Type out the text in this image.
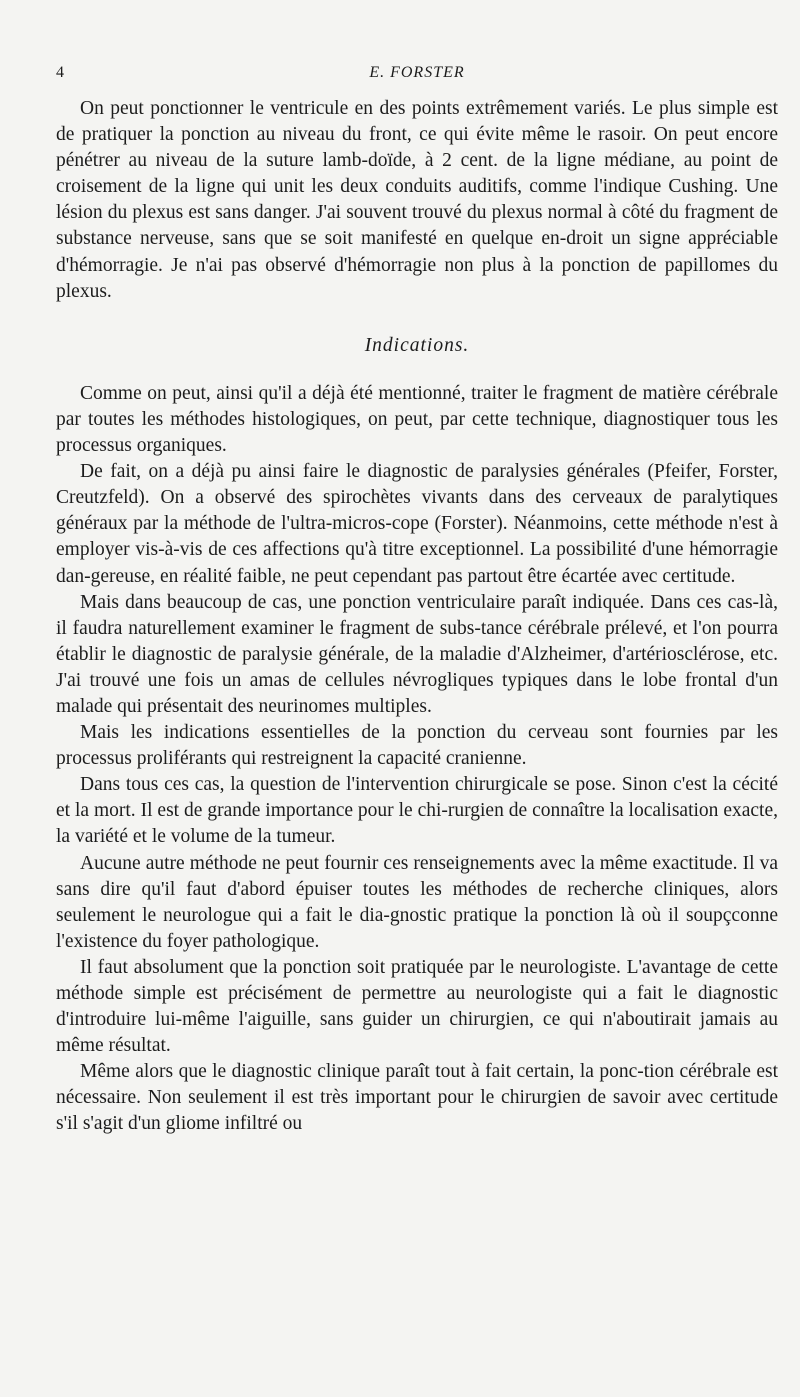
4	E. FORSTER

On peut ponctionner le ventricule en des points extrêmement variés. Le plus simple est de pratiquer la ponction au niveau du front, ce qui évite même le rasoir. On peut encore pénétrer au niveau de la suture lamb-doïde, à 2 cent. de la ligne médiane, au point de croisement de la ligne qui unit les deux conduits auditifs, comme l'indique Cushing. Une lésion du plexus est sans danger. J'ai souvent trouvé du plexus normal à côté du fragment de substance nerveuse, sans que se soit manifesté en quelque en-droit un signe appréciable d'hémorragie. Je n'ai pas observé d'hémorragie non plus à la ponction de papillomes du plexus.

Indications.

Comme on peut, ainsi qu'il a déjà été mentionné, traiter le fragment de matière cérébrale par toutes les méthodes histologiques, on peut, par cette technique, diagnostiquer tous les processus organiques.

De fait, on a déjà pu ainsi faire le diagnostic de paralysies générales (Pfeifer, Forster, Creutzfeld). On a observé des spirochètes vivants dans des cerveaux de paralytiques généraux par la méthode de l'ultra-micros-cope (Forster). Néanmoins, cette méthode n'est à employer vis-à-vis de ces affections qu'à titre exceptionnel. La possibilité d'une hémorragie dan-gereuse, en réalité faible, ne peut cependant pas partout être écartée avec certitude.

Mais dans beaucoup de cas, une ponction ventriculaire paraît indiquée. Dans ces cas-là, il faudra naturellement examiner le fragment de subs-tance cérébrale prélevé, et l'on pourra établir le diagnostic de paralysie générale, de la maladie d'Alzheimer, d'artériosclérose, etc. J'ai trouvé une fois un amas de cellules névrogliques typiques dans le lobe frontal d'un malade qui présentait des neurinomes multiples.

Mais les indications essentielles de la ponction du cerveau sont fournies par les processus proliférants qui restreignent la capacité cranienne.

Dans tous ces cas, la question de l'intervention chirurgicale se pose. Sinon c'est la cécité et la mort. Il est de grande importance pour le chi-rurgien de connaître la localisation exacte, la variété et le volume de la tumeur.

Aucune autre méthode ne peut fournir ces renseignements avec la même exactitude. Il va sans dire qu'il faut d'abord épuiser toutes les méthodes de recherche cliniques, alors seulement le neurologue qui a fait le dia-gnostic pratique la ponction là où il soupçconne l'existence du foyer pathologique.

Il faut absolument que la ponction soit pratiquée par le neurologiste. L'avantage de cette méthode simple est précisément de permettre au neurologiste qui a fait le diagnostic d'introduire lui-même l'aiguille, sans guider un chirurgien, ce qui n'aboutirait jamais au même résultat.

Même alors que le diagnostic clinique paraît tout à fait certain, la ponc-tion cérébrale est nécessaire. Non seulement il est très important pour le chirurgien de savoir avec certitude s'il s'agit d'un gliome infiltré ou
